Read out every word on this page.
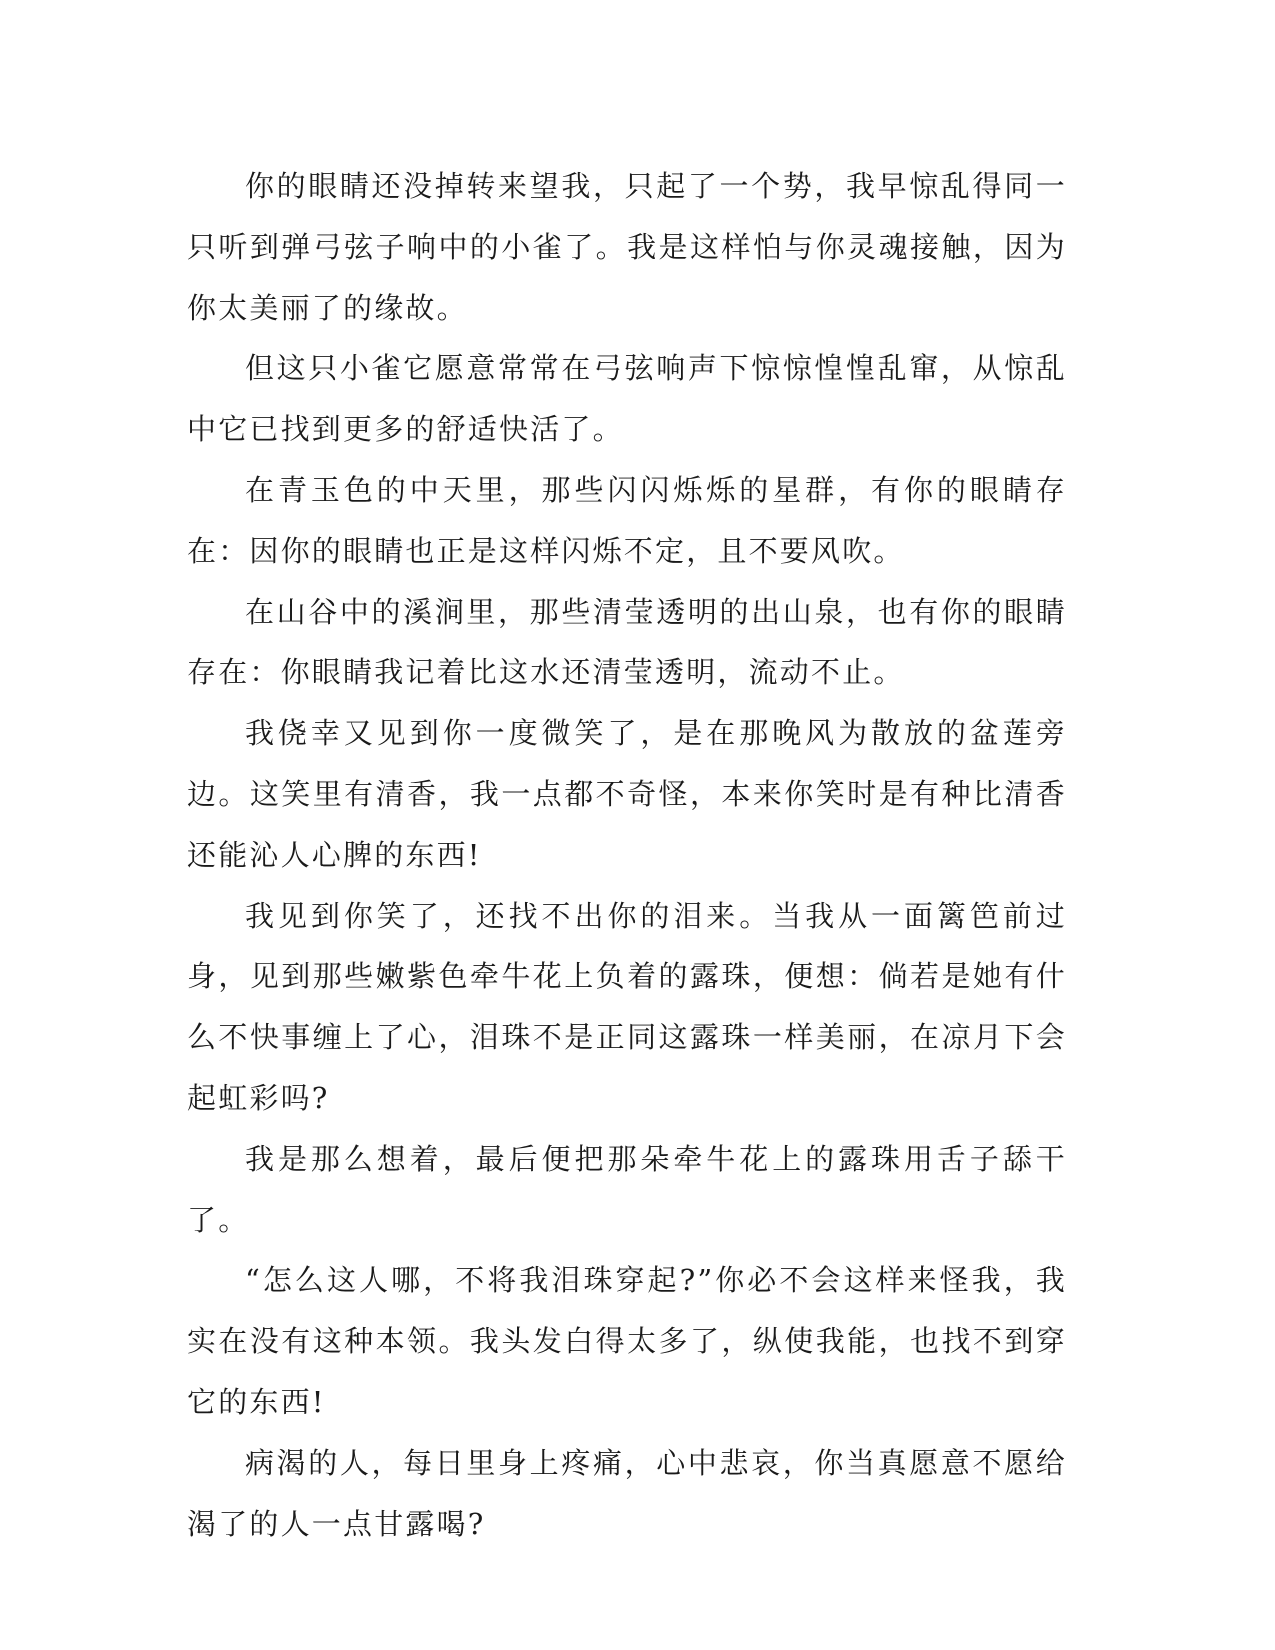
你的眼睛还没掉转来望我，只起了一个势，我早惊乱得同一只听到弹弓弦子响中的小雀了。我是这样怕与你灵魂接触，因为你太美丽了的缘故。

但这只小雀它愿意常常在弓弦响声下惊惊惶惶乱窜，从惊乱中它已找到更多的舒适快活了。

在青玉色的中天里，那些闪闪烁烁的星群，有你的眼睛存在：因你的眼睛也正是这样闪烁不定，且不要风吹。

在山谷中的溪涧里，那些清莹透明的出山泉，也有你的眼睛存在：你眼睛我记着比这水还清莹透明，流动不止。

我侥幸又见到你一度微笑了，是在那晚风为散放的盆莲旁边。这笑里有清香，我一点都不奇怪，本来你笑时是有种比清香还能沁人心脾的东西!

我见到你笑了，还找不出你的泪来。当我从一面篱笆前过身，见到那些嫩紫色牵牛花上负着的露珠，便想：倘若是她有什么不快事缠上了心，泪珠不是正同这露珠一样美丽，在凉月下会起虹彩吗?

我是那么想着，最后便把那朵牵牛花上的露珠用舌子舔干了。

“怎么这人哪，不将我泪珠穿起?”你必不会这样来怪我，我实在没有这种本领。我头发白得太多了，纵使我能，也找不到穿它的东西!

病渴的人，每日里身上疼痛，心中悲哀，你当真愿意不愿给渴了的人一点甘露喝?
